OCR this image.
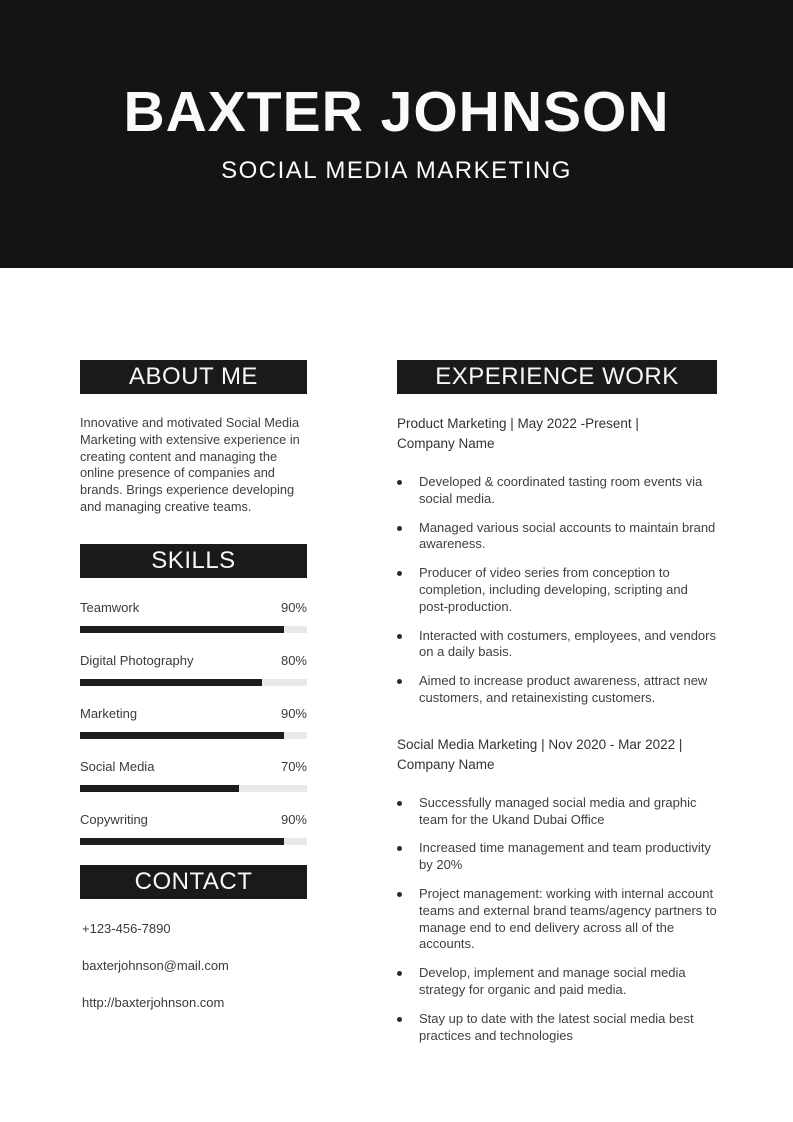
BAXTER JOHNSON
SOCIAL MEDIA MARKETING
ABOUT ME

Innovative and motivated Social Media Marketing with extensive experience in creating content and managing the online presence of companies and brands. Brings experience developing and managing creative teams.

SKILLS
Teamwork	90%
Digital Photography	80%
Marketing	90%
Social Media	70%
Copywriting	90%
CONTACT
+123-456-7890
baxterjohnson@mail.com
http://baxterjohnson.com
EXPERIENCE WORK
Product Marketing | May 2022 -Present |
Company Name
Developed & coordinated tasting room events via social media.
Managed various social accounts to maintain brand awareness.
Producer of video series from conception to completion, including developing, scripting and post-production.
Interacted with costumers, employees, and vendors on a daily basis.
Aimed to increase product awareness, attract new customers, and retainexisting customers.
Social Media Marketing | Nov 2020 - Mar 2022 |
Company Name
Successfully managed social media and graphic team for the Ukand Dubai Office
Increased time management and team productivity by 20%
Project management: working with internal account teams and external brand teams/agency partners to manage end to end delivery across all of the accounts.
Develop, implement and manage social media strategy for organic and paid media.
Stay up to date with the latest social media best practices and technologies
